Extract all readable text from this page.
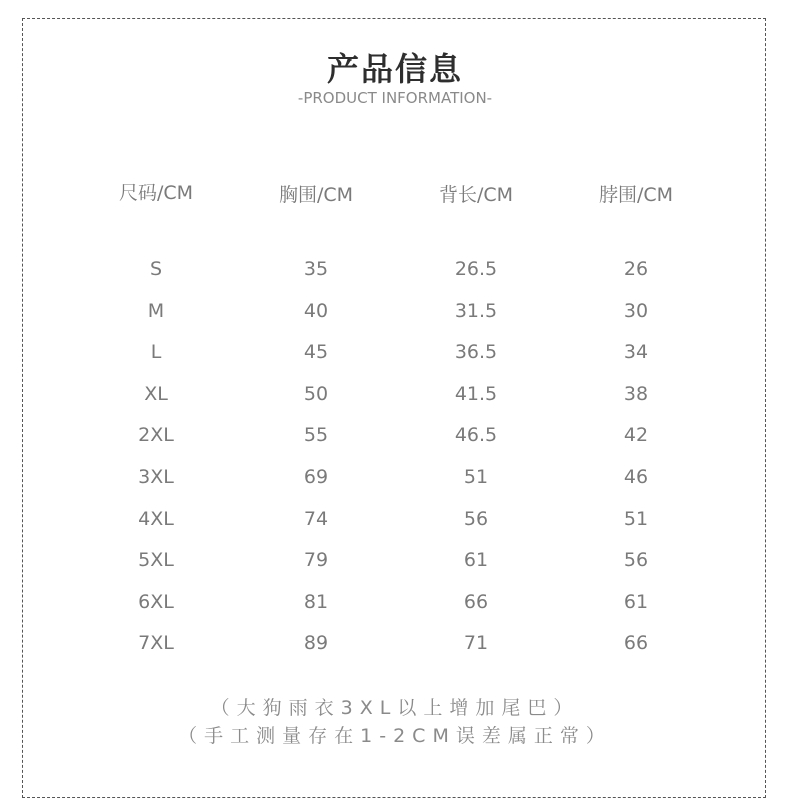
产品信息
-PRODUCT INFORMATION-
尺码/CM	胸围/CM	背长/CM	脖围/CM
S	35	26.5	26
M	40	31.5	30
L	45	36.5	34
XL	50	41.5	38
2XL	55	46.5	42
3XL	69	51	46
4XL	74	56	51
5XL	79	61	56
6XL	81	66	61
7XL	89	71	66
（大狗雨衣3XL以上增加尾巴）
（手工测量存在1-2CM误差属正常）
